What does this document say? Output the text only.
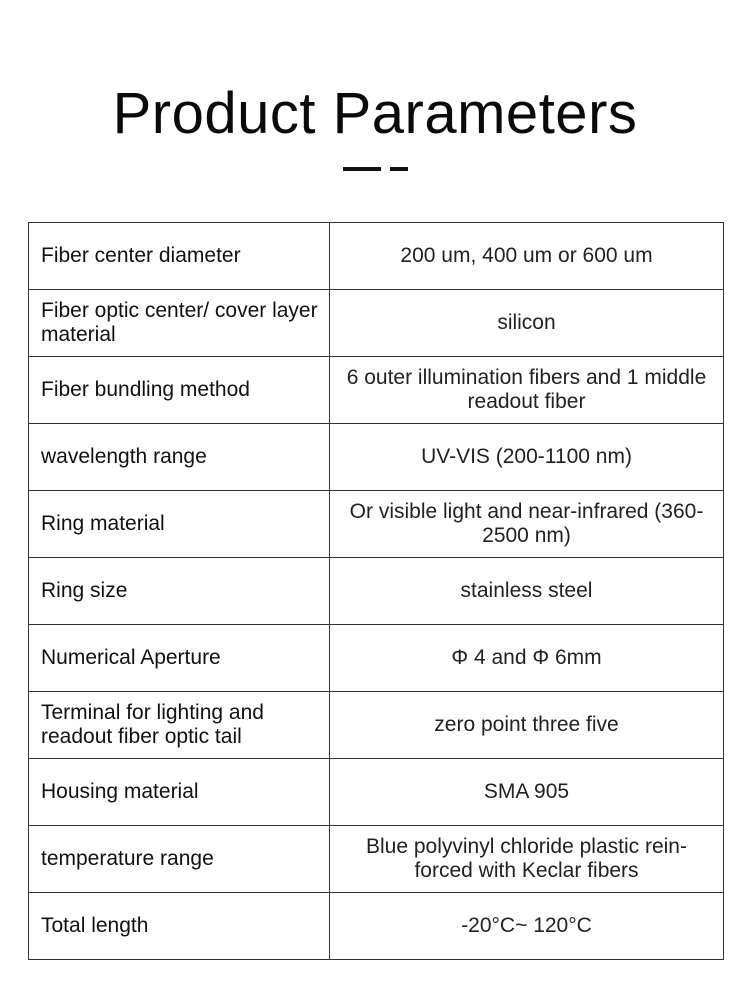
Product Parameters
Fiber center diameter	200 um, 400 um or 600 um
Fiber optic center/ cover layer material	silicon
Fiber bundling method	6 outer illumination fibers and 1 middle readout fiber
wavelength range	UV-VIS (200-1100 nm)
Ring material	Or visible light and near-infrared (360-2500 nm)
Ring size	stainless steel
Numerical Aperture	Φ 4 and Φ 6mm
Terminal for lighting and readout fiber optic tail	zero point three five
Housing material	SMA 905
temperature range	Blue polyvinyl chloride plastic rein- forced with Keclar fibers
Total length	-20°C~ 120°C
